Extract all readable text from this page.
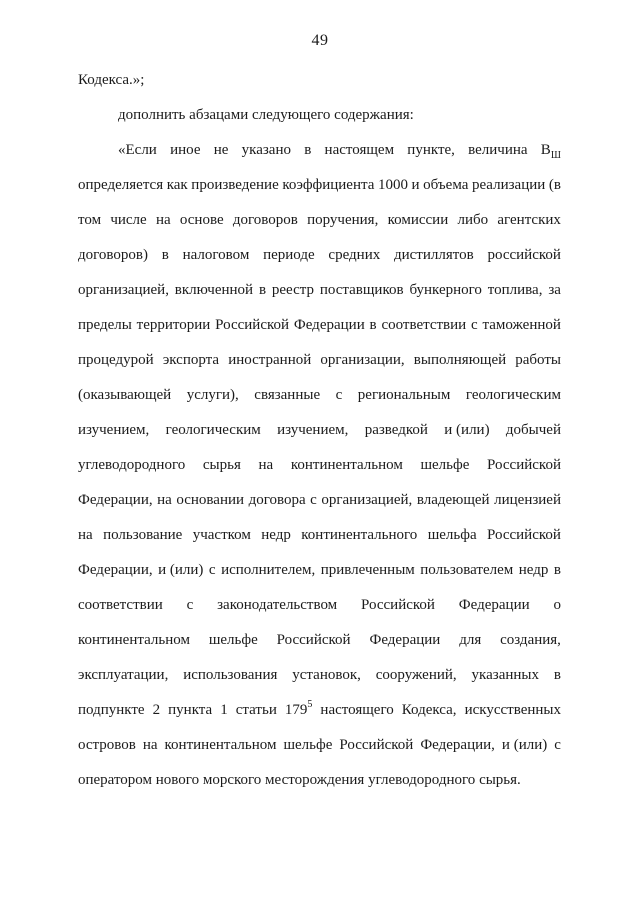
49
Кодекса.»;
дополнить абзацами следующего содержания:
«Если иное не указано в настоящем пункте, величина $В_Ш$
определяется как произведение коэффициента 1000 и объема реализации (в
том числе на основе договоров поручения, комиссии либо агентских
договоров) в налоговом периоде средних дистиллятов российской
организацией, включенной в реестр поставщиков бункерного топлива, за
пределы территории Российской Федерации в соответствии с таможенной
процедурой экспорта иностранной организации, выполняющей работы
(оказывающей услуги), связанные с региональным геологическим
изучением, геологическим изучением, разведкой и (или) добычей
углеводородного сырья на континентальном шельфе Российской
Федерации, на основании договора с организацией, владеющей лицензией
на пользование участком недр континентального шельфа Российской
Федерации, и (или) с исполнителем, привлеченным пользователем недр в
соответствии с законодательством Российской Федерации о
континентальном шельфе Российской Федерации для создания,
эксплуатации, использования установок, сооружений, указанных в
подпункте 2 пункта 1 статьи $179^5$ настоящего Кодекса, искусственных
островов на континентальном шельфе Российской Федерации, и (или) с
оператором нового морского месторождения углеводородного сырья.
